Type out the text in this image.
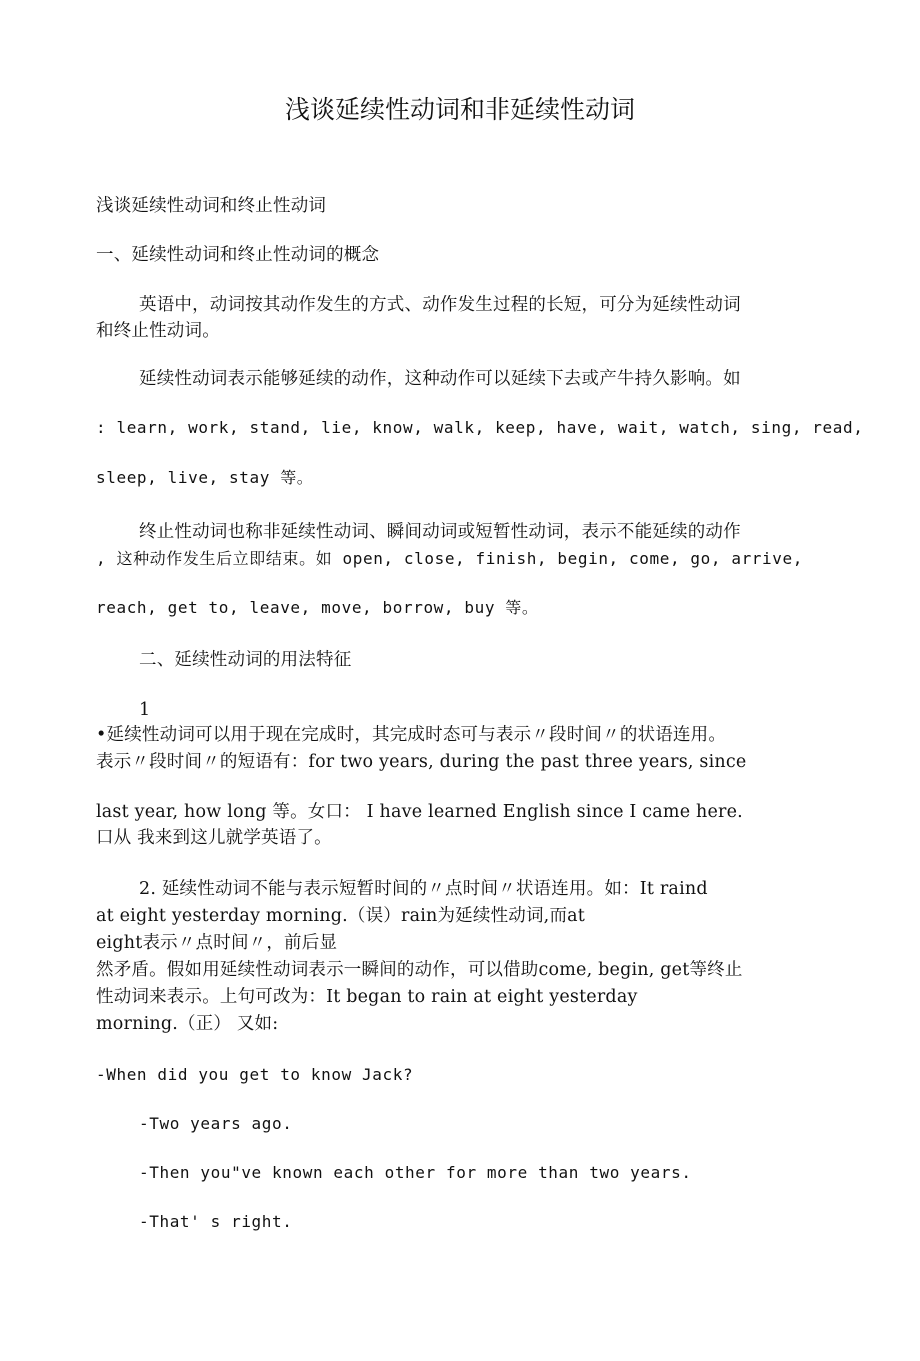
浅谈延续性动词和非延续性动词
浅谈延续性动词和终止性动词
一、延续性动词和终止性动词的概念
英语中，动词按其动作发生的方式、动作发生过程的长短，可分为延续性动词
和终止性动词。
延续性动词表示能够延续的动作，这种动作可以延续下去或产牛持久影响。如
: learn, work, stand, lie, know, walk, keep, have, wait, watch, sing, read,
sleep, live, stay 等。
终止性动词也称非延续性动词、瞬间动词或短暂性动词，表示不能延续的动作
, 这种动作发生后立即结束。如 open, close, finish, begin, come, go, arrive,
reach, get to, leave, move, borrow, buy 等。
二、延续性动词的用法特征
1
•延续性动词可以用于现在完成时，其完成时态可与表示〃段时间〃的状语连用。
表示〃段时间〃的短语有：for two years, during the past three years, since
last year, how long 等。女口： I have learned English since I came here.
口从 我来到这儿就学英语了。
2. 延续性动词不能与表示短暂时间的〃点时间〃状语连用。如：It raind
at eight yesterday morning.（误）rain为延续性动词,而at
eight表示〃点时间〃，前后显
然矛盾。假如用延续性动词表示一瞬间的动作，可以借助come, begin, get等终止
性动词来表示。上句可改为：It began to rain at eight yesterday
morning.（正） 又如:
-When did you get to know Jack?
-Two years ago.
-Then you"ve known each other for more than two years.
-That' s right.
